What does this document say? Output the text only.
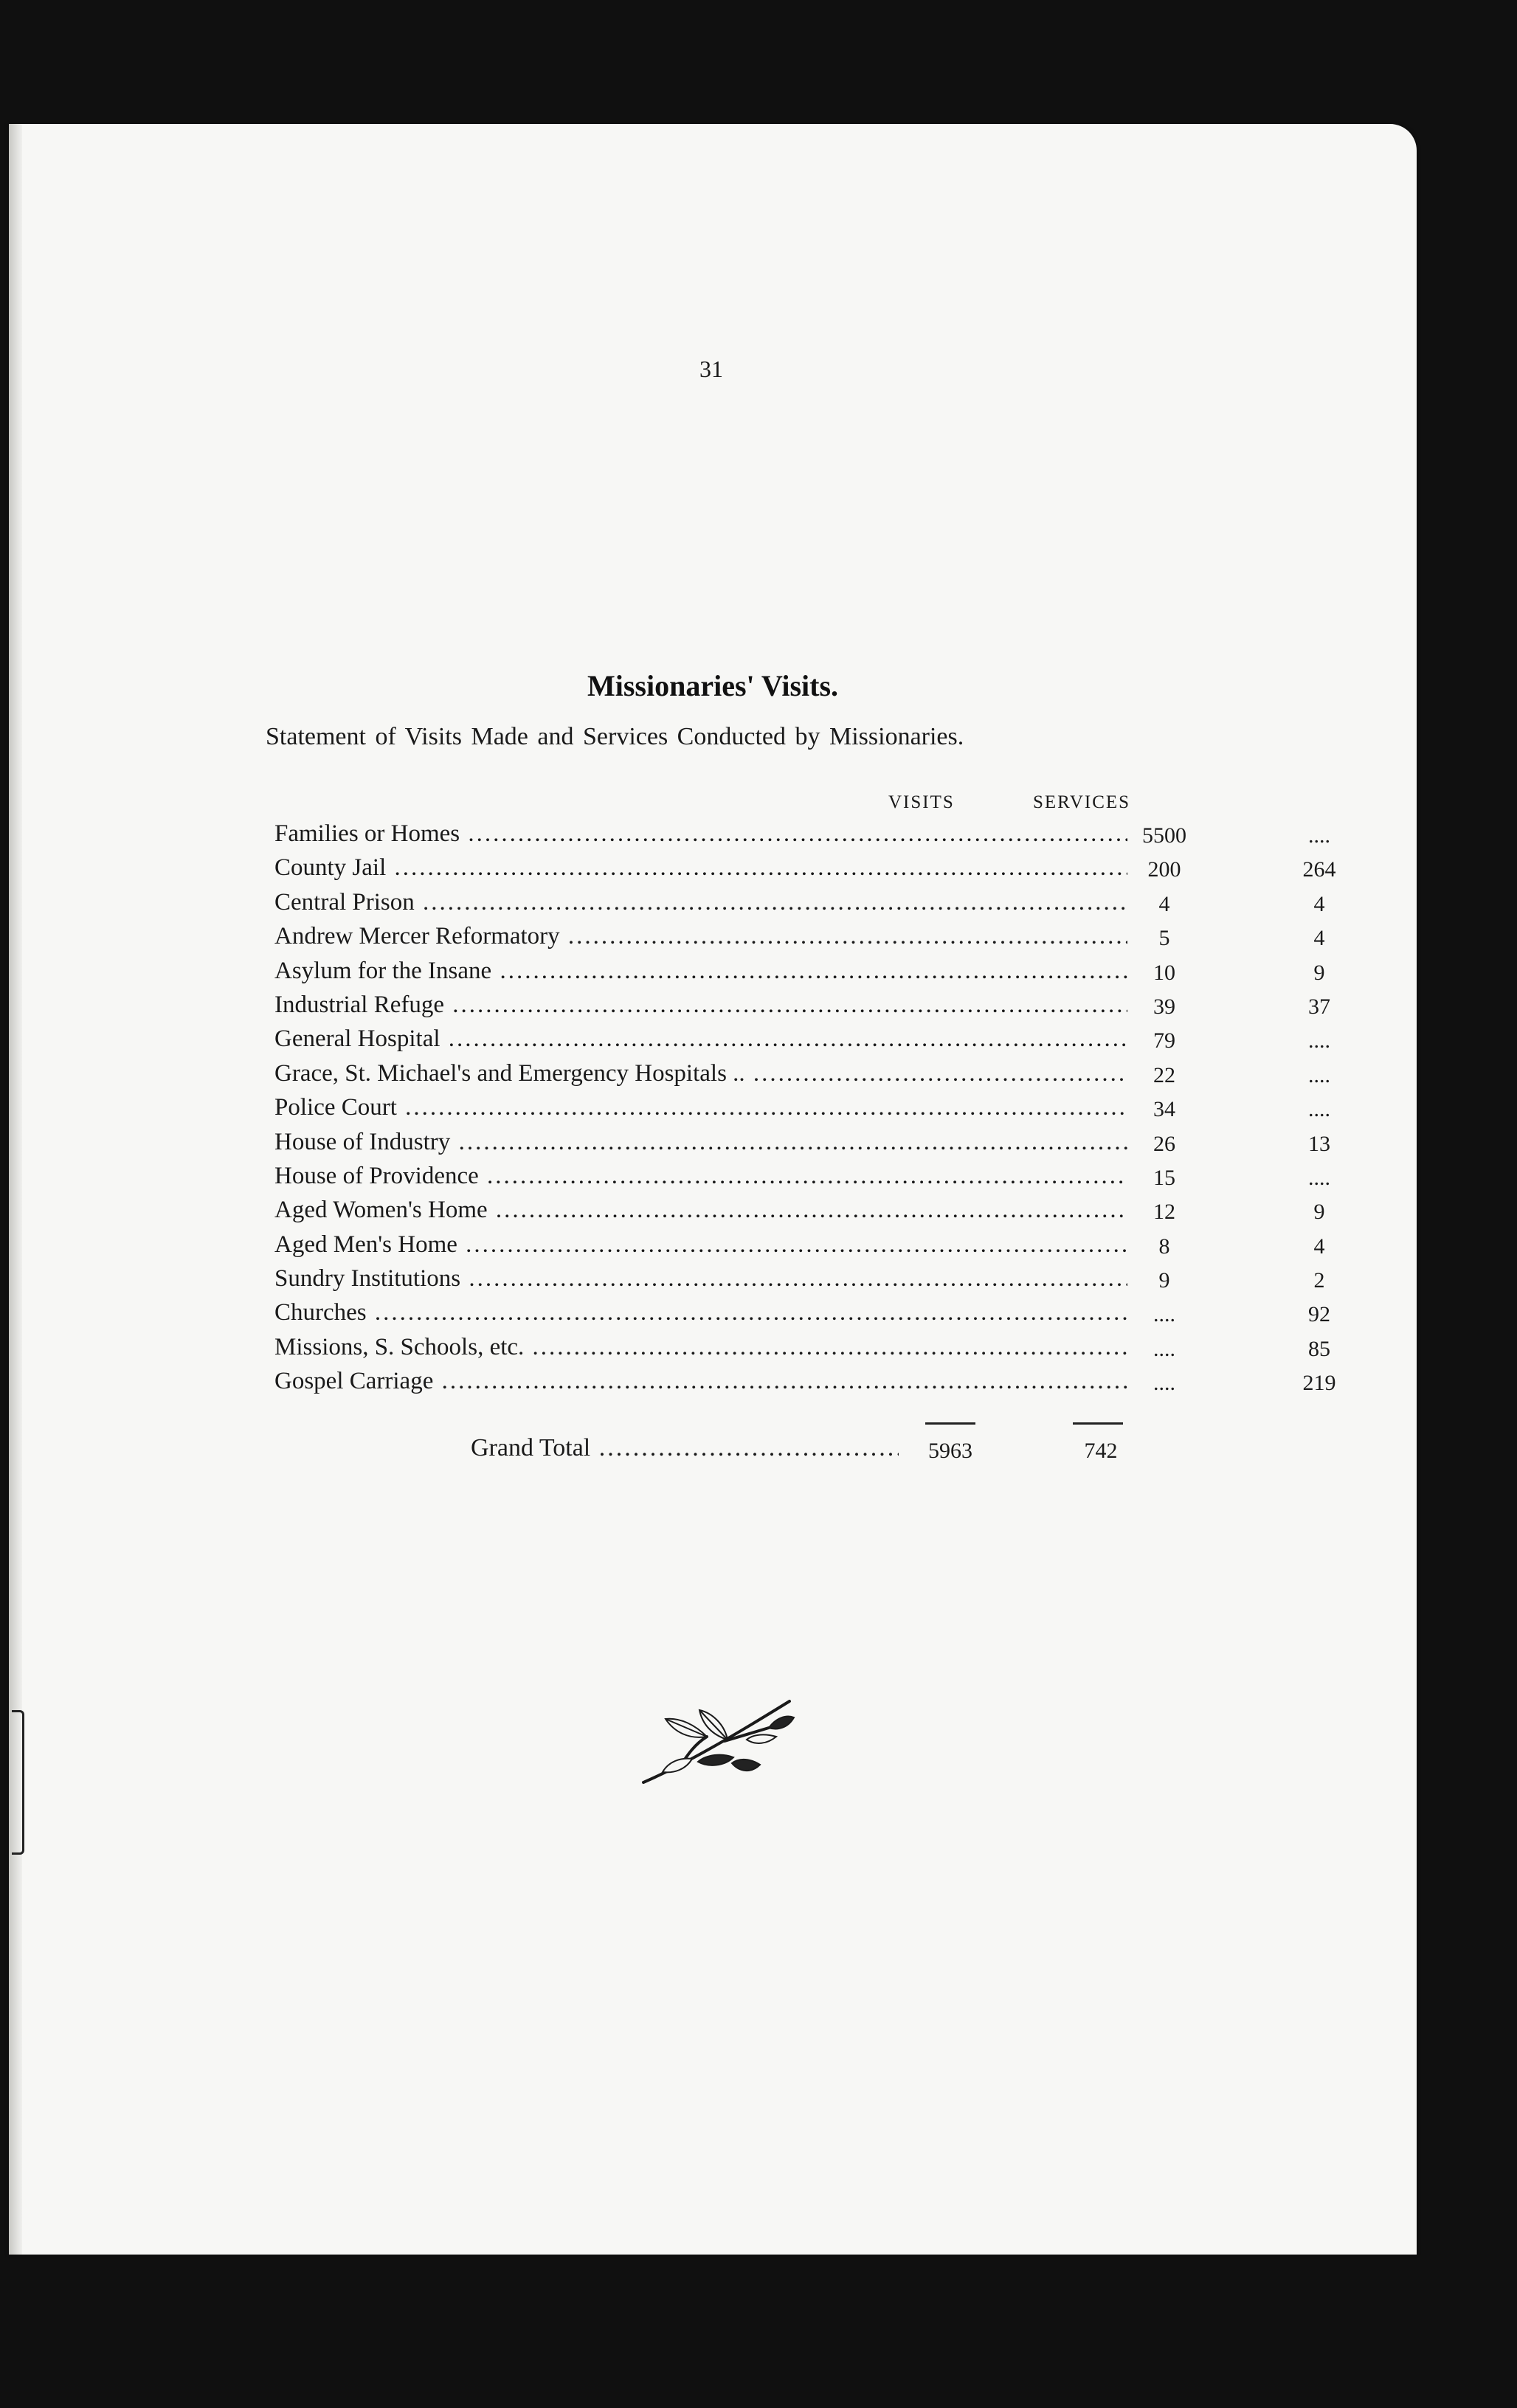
31
Missionaries' Visits.
Statement of Visits Made and Services Conducted by Missionaries.
VISITS	SERVICES
Families or Homes .....	5500	....
County Jail .....	200	264
Central Prison .....	4	4
Andrew Mercer Reformatory .....	5	4
Asylum for the Insane .....	10	9
Industrial Refuge .....	39	37
General Hospital .....	79	....
Grace, St. Michael's and Emergency Hospitals .. .....	22	....
Police Court .....	34	....
House of Industry .....	26	13
House of Providence .....	15	....
Aged Women's Home .....	12	9
Aged Men's Home .....	8	4
Sundry Institutions .....	9	2
Churches .....	....	92
Missions, S. Schools, etc. .....	....	85
Gospel Carriage .....	....	219
Grand Total .....	5963	742
